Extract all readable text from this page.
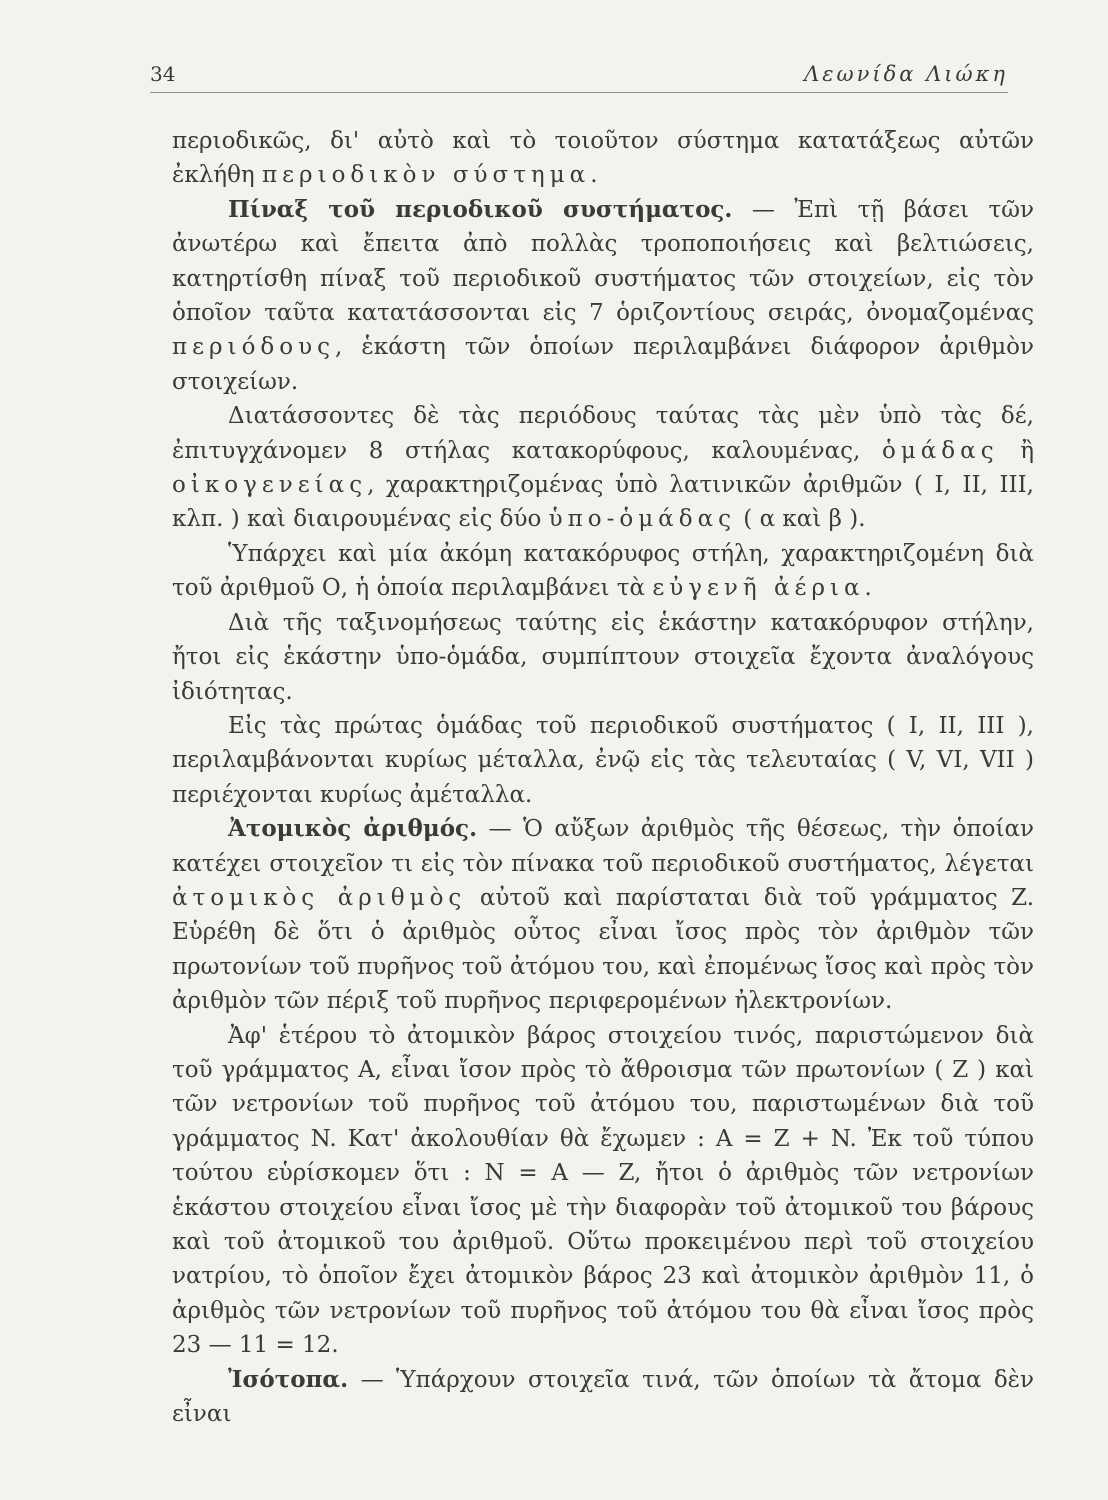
34	Λεωνίδα Λιώκη

περιοδικῶς, δι' αὐτὸ καὶ τὸ τοιοῦτον σύστημα κατατάξεως αὐτῶν ἐκλήθη περιοδικὸν σύστημα.

Πίναξ τοῦ περιοδικοῦ συστήματος. — Ἐπὶ τῇ βάσει τῶν ἀνωτέρω καὶ ἔπειτα ἀπὸ πολλὰς τροποποιήσεις καὶ βελτιώσεις, κατηρτίσθη πίναξ τοῦ περιοδικοῦ συστήματος τῶν στοιχείων, εἰς τὸν ὁποῖον ταῦτα κατατάσσονται εἰς 7 ὁριζοντίους σειράς, ὀνομαζομένας περιόδους, ἑκάστη τῶν ὁποίων περιλαμβάνει διάφορον ἀριθμὸν στοιχείων.

Διατάσσοντες δὲ τὰς περιόδους ταύτας τὰς μὲν ὑπὸ τὰς δέ, ἐπιτυγχάνομεν 8 στήλας κατακορύφους, καλουμένας, ὁμάδας ἢ οἰκογενείας, χαρακτηριζομένας ὑπὸ λατινικῶν ἀριθμῶν ( I, II, III, κλπ. ) καὶ διαιρουμένας εἰς δύο ὑπο-ὁμάδας ( α καὶ β ).

Ὑπάρχει καὶ μία ἀκόμη κατακόρυφος στήλη, χαρακτηριζομένη διὰ τοῦ ἀριθμοῦ Ο, ἡ ὁποία περιλαμβάνει τὰ εὐγενῆ ἀέρια.

Διὰ τῆς ταξινομήσεως ταύτης εἰς ἑκάστην κατακόρυφον στήλην, ἤτοι εἰς ἑκάστην ὑπο-ὁμάδα, συμπίπτουν στοιχεῖα ἔχοντα ἀναλόγους ἰδιότητας.

Εἰς τὰς πρώτας ὁμάδας τοῦ περιοδικοῦ συστήματος ( I, II, III ), περιλαμβάνονται κυρίως μέταλλα, ἐνῷ εἰς τὰς τελευταίας ( V, VI, VII ) περιέχονται κυρίως ἀμέταλλα.

Ἀτομικὸς ἀριθμός. — Ὁ αὔξων ἀριθμὸς τῆς θέσεως, τὴν ὁποίαν κατέχει στοιχεῖον τι εἰς τὸν πίνακα τοῦ περιοδικοῦ συστήματος, λέγεται ἀτομικὸς ἀριθμὸς αὐτοῦ καὶ παρίσταται διὰ τοῦ γράμματος Z. Εὑρέθη δὲ ὅτι ὁ ἀριθμὸς οὗτος εἶναι ἴσος πρὸς τὸν ἀριθμὸν τῶν πρωτονίων τοῦ πυρῆνος τοῦ ἀτόμου του, καὶ ἐπομένως ἴσος καὶ πρὸς τὸν ἀριθμὸν τῶν πέριξ τοῦ πυρῆνος περιφερομένων ἠλεκτρονίων.

Ἀφ' ἑτέρου τὸ ἀτομικὸν βάρος στοιχείου τινός, παριστώμενον διὰ τοῦ γράμματος A, εἶναι ἴσον πρὸς τὸ ἄθροισμα τῶν πρωτονίων ( Z ) καὶ τῶν νετρονίων τοῦ πυρῆνος τοῦ ἀτόμου του, παριστωμένων διὰ τοῦ γράμματος N. Κατ' ἀκολουθίαν θὰ ἔχωμεν : A = Z + N. Ἐκ τοῦ τύπου τούτου εὑρίσκομεν ὅτι : N = A — Z, ἤτοι ὁ ἀριθμὸς τῶν νετρονίων ἑκάστου στοιχείου εἶναι ἴσος μὲ τὴν διαφορὰν τοῦ ἀτομικοῦ του βάρους καὶ τοῦ ἀτομικοῦ του ἀριθμοῦ. Οὕτω προκειμένου περὶ τοῦ στοιχείου νατρίου, τὸ ὁποῖον ἔχει ἀτομικὸν βάρος 23 καὶ ἀτομικὸν ἀριθμὸν 11, ὁ ἀριθμὸς τῶν νετρονίων τοῦ πυρῆνος τοῦ ἀτόμου του θὰ εἶναι ἴσος πρὸς 23 — 11 = 12.

Ἰσότοπα. — Ὑπάρχουν στοιχεῖα τινά, τῶν ὁποίων τὰ ἄτομα δὲν εἶναι
